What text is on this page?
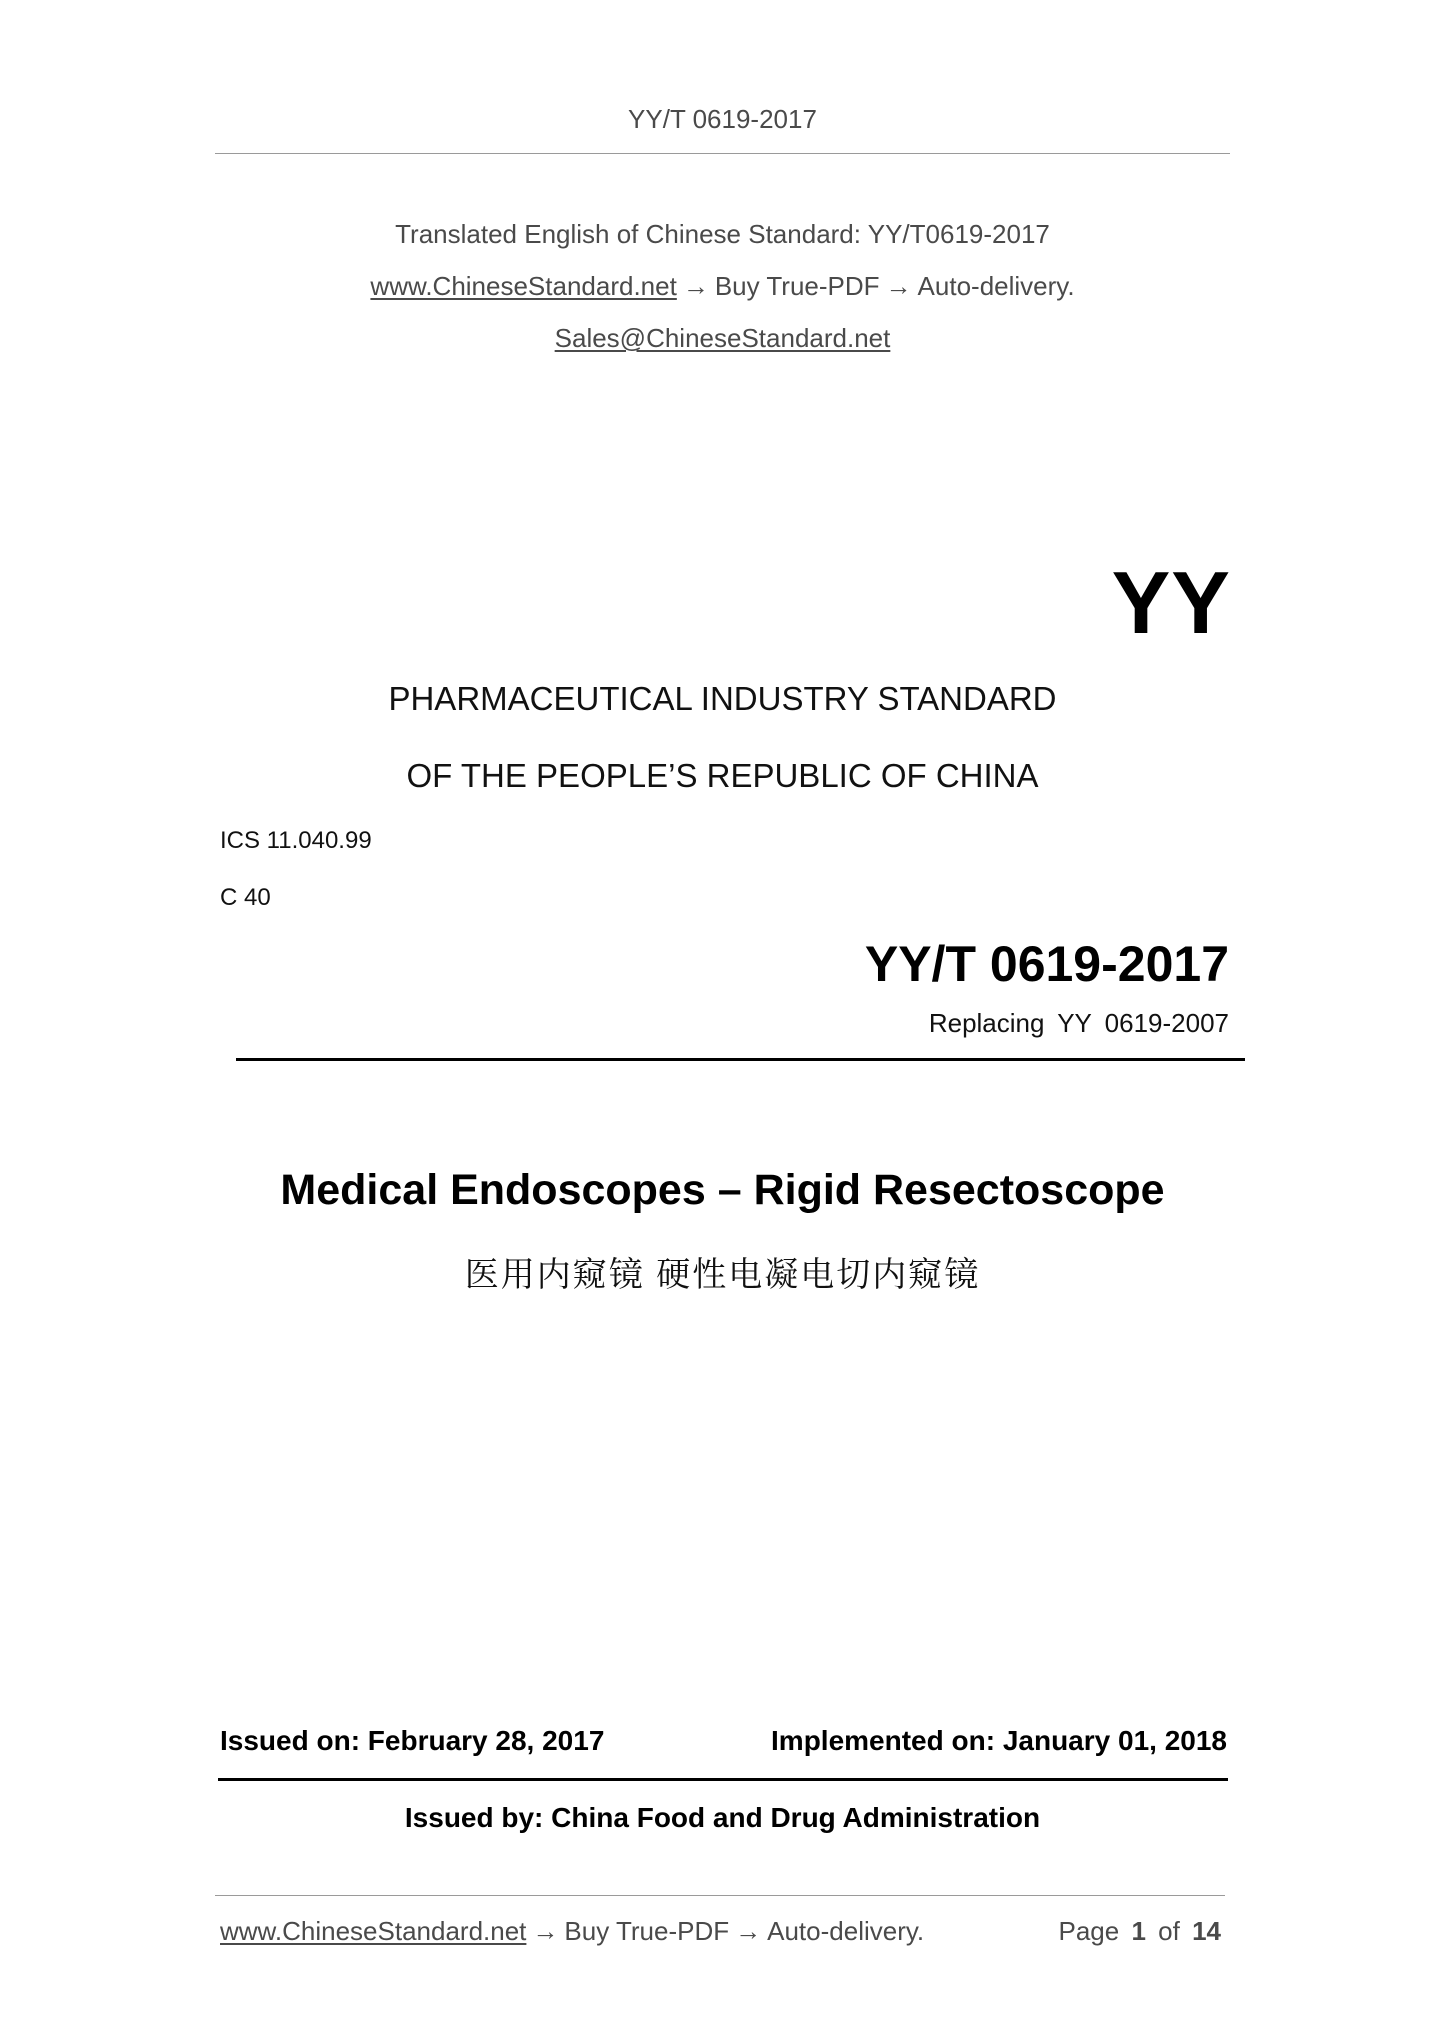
YY/T 0619-2017
Translated English of Chinese Standard: YY/T0619-2017
www.ChineseStandard.net → Buy True-PDF → Auto-delivery.
Sales@ChineseStandard.net
YY
PHARMACEUTICAL INDUSTRY STANDARD
OF THE PEOPLE’S REPUBLIC OF CHINA
ICS 11.040.99
C 40
YY/T 0619-2017
Replacing YY 0619-2007
Medical Endoscopes – Rigid Resectoscope
医用内窥镜 硬性电凝电切内窥镜
Issued on: February 28, 2017	Implemented on: January 01, 2018
Issued by: China Food and Drug Administration
www.ChineseStandard.net → Buy True-PDF → Auto-delivery.	Page 1 of 14
